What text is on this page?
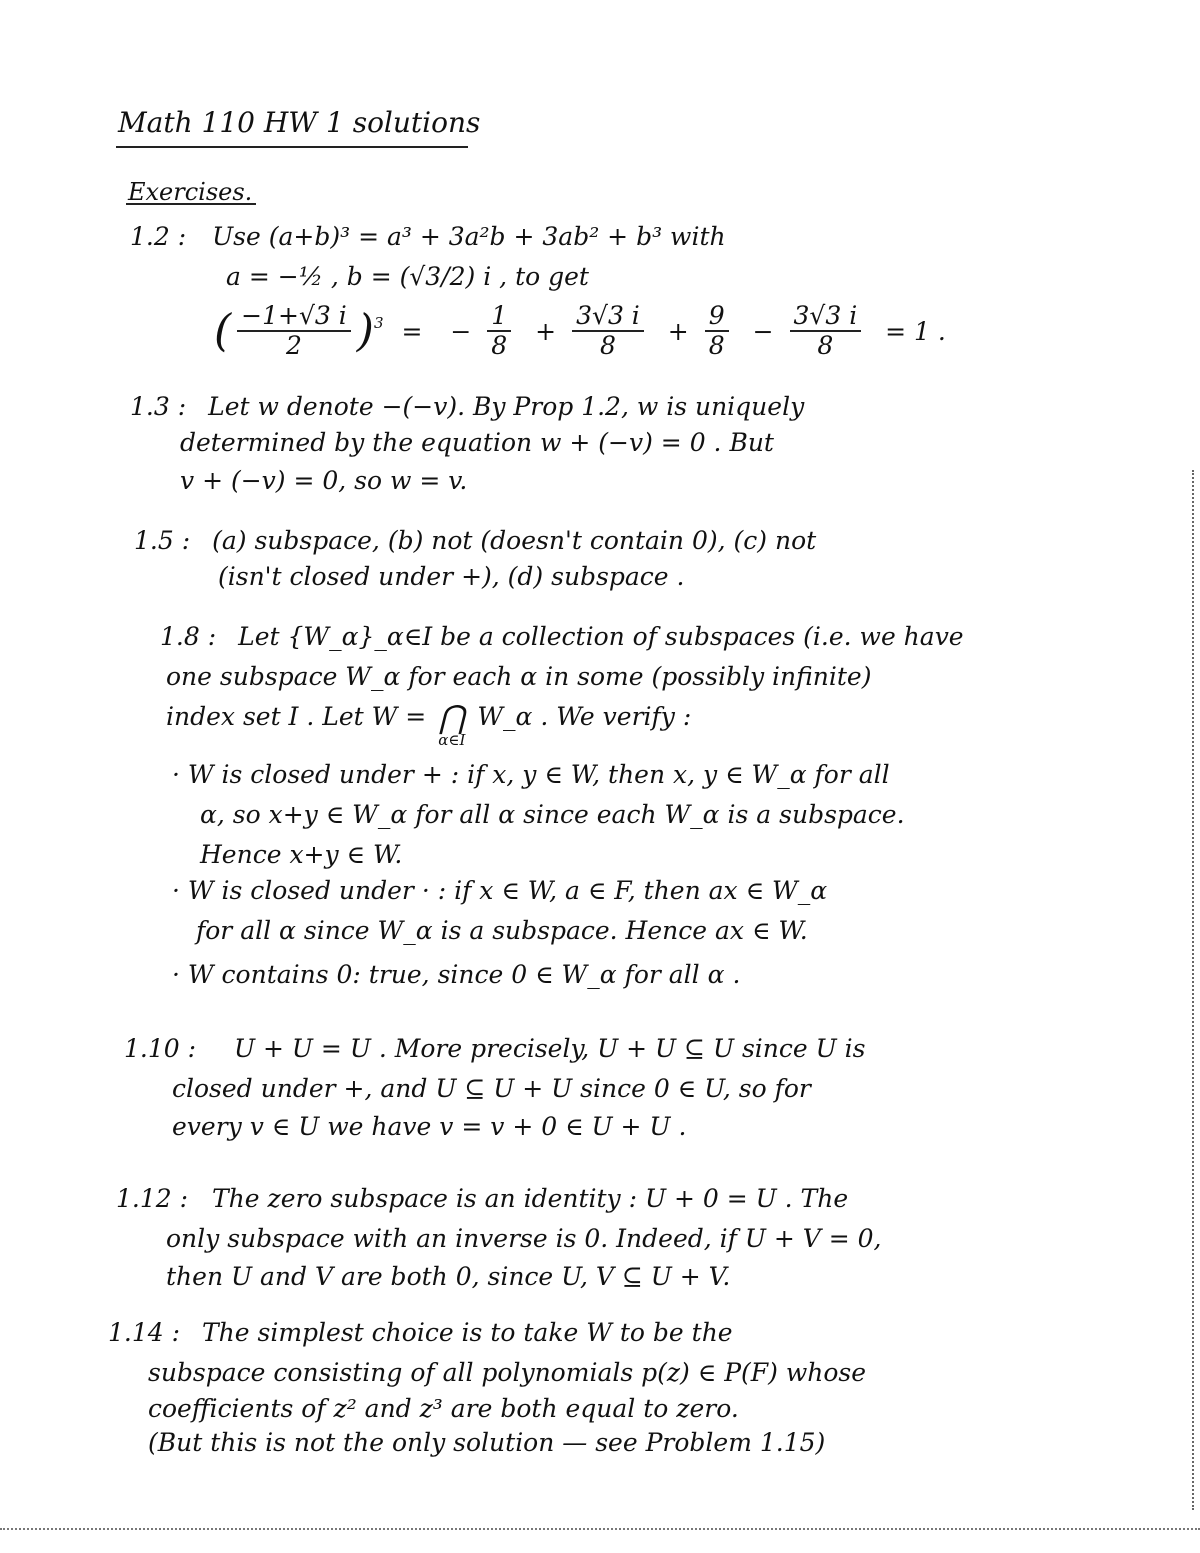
Math 110 HW 1 solutions
Exercises.
1.2 : Use (a+b)³ = a³ + 3a²b + 3ab² + b³ with
a = −½ , b = (√3/2) i , to get
( $\frac{-1+√3 i}{2} )^3$ = − $\frac{1}{8} + \frac{3√3 i}{8} + \frac{9}{8} - \frac{3√3 i}{8} = 1$ .
1.3 : Let w denote −(−v). By Prop 1.2, w is uniquely
determined by the equation w + (−v) = 0 . But
v + (−v) = 0, so w = v.
1.5 : (a) subspace, (b) not (doesn't contain 0), (c) not
(isn't closed under +), (d) subspace .
1.8 : Let {W_α}_α∈I be a collection of subspaces (i.e. we have
one subspace W_α for each α in some (possibly infinite)
index set I . Let W = ⋂
α∈I
W_α . We verify :
· W is closed under + : if x, y ∈ W, then x, y ∈ W_α for all
α, so x+y ∈ W_α for all α since each W_α is a subspace.
Hence x+y ∈ W.
· W is closed under · : if x ∈ W, a ∈ F, then ax ∈ W_α
for all α since W_α is a subspace. Hence ax ∈ W.
· W contains 0: true, since 0 ∈ W_α for all α .
1.10 : U + U = U . More precisely, U + U ⊆ U since U is
closed under +, and U ⊆ U + U since 0 ∈ U, so for
every v ∈ U we have v = v + 0 ∈ U + U .
1.12 : The zero subspace is an identity : U + 0 = U . The
only subspace with an inverse is 0. Indeed, if U + V = 0,
then U and V are both 0, since U, V ⊆ U + V.
1.14 : The simplest choice is to take W to be the
subspace consisting of all polynomials p(z) ∈ P(F) whose
coefficients of z² and z³ are both equal to zero.
(But this is not the only solution — see Problem 1.15)
